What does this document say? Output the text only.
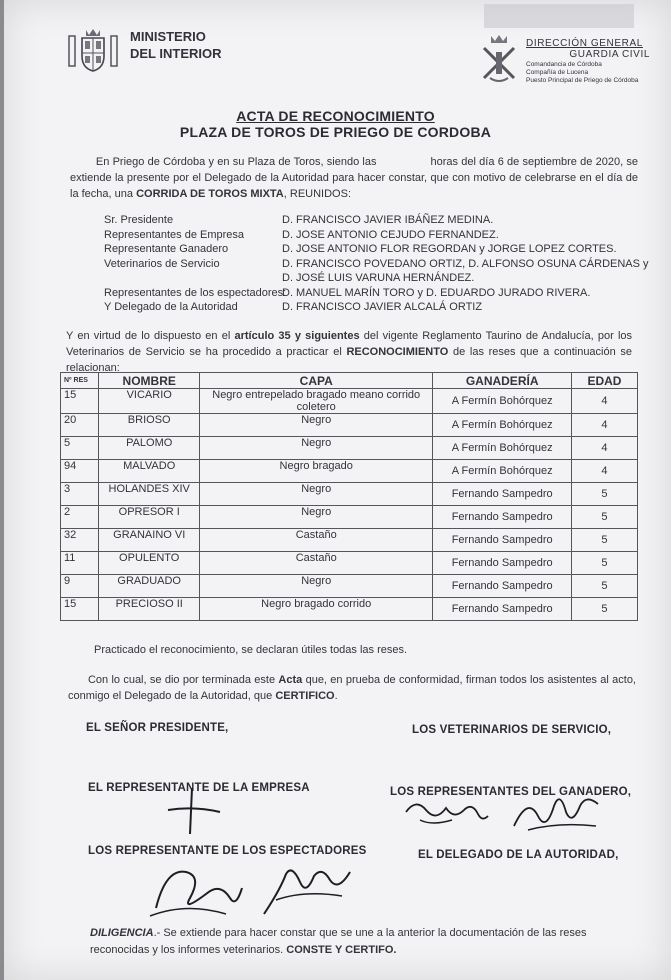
MINISTERIO
DEL INTERIOR
DIRECCIÓN GENERAL
GUARDIA CIVIL
Comandancia de Córdoba
Compañía de Lucena
Puesto Principal de Priego de Córdoba
ACTA DE RECONOCIMIENTO
PLAZA DE TOROS DE PRIEGO DE CORDOBA
En Priego de Córdoba y en su Plaza de Toros, siendo las	horas del día 6 de septiembre de 2020, se extiende la presente por el Delegado de la Autoridad para hacer constar, que con motivo de celebrarse en el día de la fecha, una CORRIDA DE TOROS MIXTA, REUNIDOS:
Sr. Presidente	D. FRANCISCO JAVIER IBÁÑEZ MEDINA.
Representantes de Empresa	D. JOSE ANTONIO CEJUDO FERNANDEZ.
Representante Ganadero	D. JOSE ANTONIO FLOR REGORDAN y JORGE LOPEZ CORTES.
Veterinarios de Servicio	D. FRANCISCO POVEDANO ORTIZ, D. ALFONSO OSUNA CÁRDENAS y
D. JOSÉ LUIS VARUNA HERNÁNDEZ.
Representantes de los espectadores:
D. MANUEL MARÍN TORO y D. EDUARDO JURADO RIVERA.
Y Delegado de la Autoridad	D. FRANCISCO JAVIER ALCALÁ ORTIZ
Y en virtud de lo dispuesto en el artículo 35 y siguientes del vigente Reglamento Taurino de Andalucía, por los Veterinarios de Servicio se ha procedido a practicar el RECONOCIMIENTO de las reses que a continuación se relacionan:
Nº RES	NOMBRE	CAPA	GANADERÍA	EDAD
15	VICARIO	Negro entrepelado bragado meano corrido coletero	A Fermín Bohórquez	4
20	BRIOSO	Negro	A Fermín Bohórquez	4
5	PALOMO	Negro	A Fermín Bohórquez	4
94	MALVADO	Negro bragado	A Fermín Bohórquez	4
3	HOLANDES XIV	Negro	Fernando Sampedro	5
2	OPRESOR I	Negro	Fernando Sampedro	5
32	GRANAINO VI	Castaño	Fernando Sampedro	5
11	OPULENTO	Castaño	Fernando Sampedro	5
9	GRADUADO	Negro	Fernando Sampedro	5
15	PRECIOSO II	Negro bragado corrido	Fernando Sampedro	5
Practicado el reconocimiento, se declaran útiles todas las reses.
Con lo cual, se dio por terminada este Acta que, en prueba de conformidad, firman todos los asistentes al acto, conmigo el Delegado de la Autoridad, que CERTIFICO.
EL SEÑOR PRESIDENTE,	LOS VETERINARIOS DE SERVICIO,
EL REPRESENTANTE DE LA EMPRESA	LOS REPRESENTANTES DEL GANADERO,
LOS REPRESENTANTE DE LOS ESPECTADORES	EL DELEGADO DE LA AUTORIDAD,
DILIGENCIA.- Se extiende para hacer constar que se une a la anterior la documentación de las reses reconocidas y los informes veterinarios. CONSTE Y CERTIFO.
